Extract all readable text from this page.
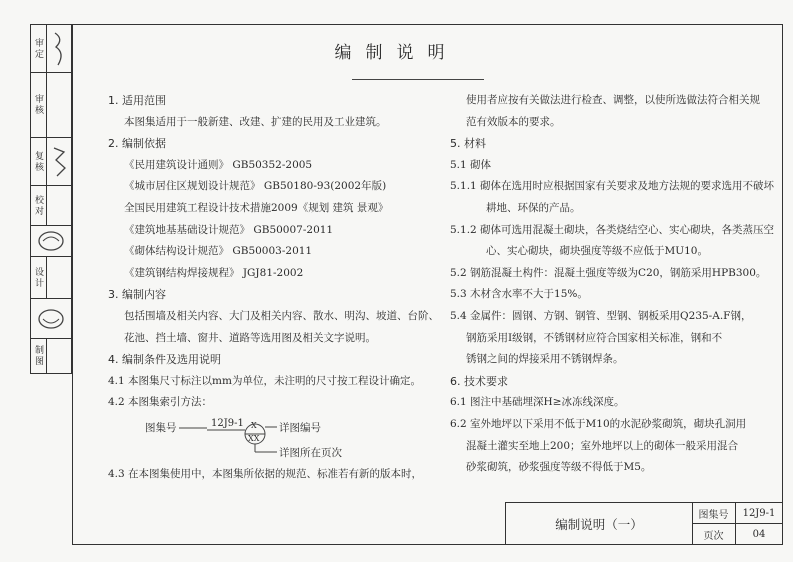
审定
审核
复核
校对
设计
制图
编制说明
1. 适用范围
本图集适用于一般新建、改建、扩建的民用及工业建筑。
2. 编制依据
《民用建筑设计通则》 GB50352-2005
《城市居住区规划设计规范》 GB50180-93(2002年版)
全国民用建筑工程设计技术措施2009《规划 建筑 景观》
《建筑地基基础设计规范》 GB50007-2011
《砌体结构设计规范》 GB50003-2011
《建筑钢结构焊接规程》 JGJ81-2002
3. 编制内容
包括围墙及相关内容、大门及相关内容、散水、明沟、坡道、台阶、
花池、挡土墙、窗井、道路等选用图及相关文字说明。
4. 编制条件及选用说明
4.1 本图集尺寸标注以mm为单位，未注明的尺寸按工程设计确定。
4.2 本图集索引方法：
图集号	12J9-1 X
XX
详图编号
详图所在页次
4.3 在本图集使用中，本图集所依据的规范、标准若有新的版本时，
使用者应按有关做法进行检查、调整，以使所选做法符合相关规
范有效版本的要求。
5. 材料
5.1 砌体
5.1.1 砌体在选用时应根据国家有关要求及地方法规的要求选用不破坏
耕地、环保的产品。
5.1.2 砌体可选用混凝土砌块，各类烧结空心、实心砌块，各类蒸压空
心、实心砌块，砌块强度等级不应低于MU10。
5.2 钢筋混凝土构件：混凝土强度等级为C20，钢筋采用HPB300。
5.3 木材含水率不大于15%。
5.4 金属件：圆钢、方钢、钢管、型钢、钢板采用Q235-A.F钢，
钢筋采用Ⅰ级钢，不锈钢材应符合国家相关标准，钢和不
锈钢之间的焊接采用不锈钢焊条。
6. 技术要求
6.1 图注中基础埋深H≥冰冻线深度。
6.2 室外地坪以下采用不低于M10的水泥砂浆砌筑，砌块孔洞用
混凝土灌实至地上200；室外地坪以上的砌体一般采用混合
砂浆砌筑，砂浆强度等级不得低于M5。
编制说明（一）
图集号	12J9-1
页次	04
